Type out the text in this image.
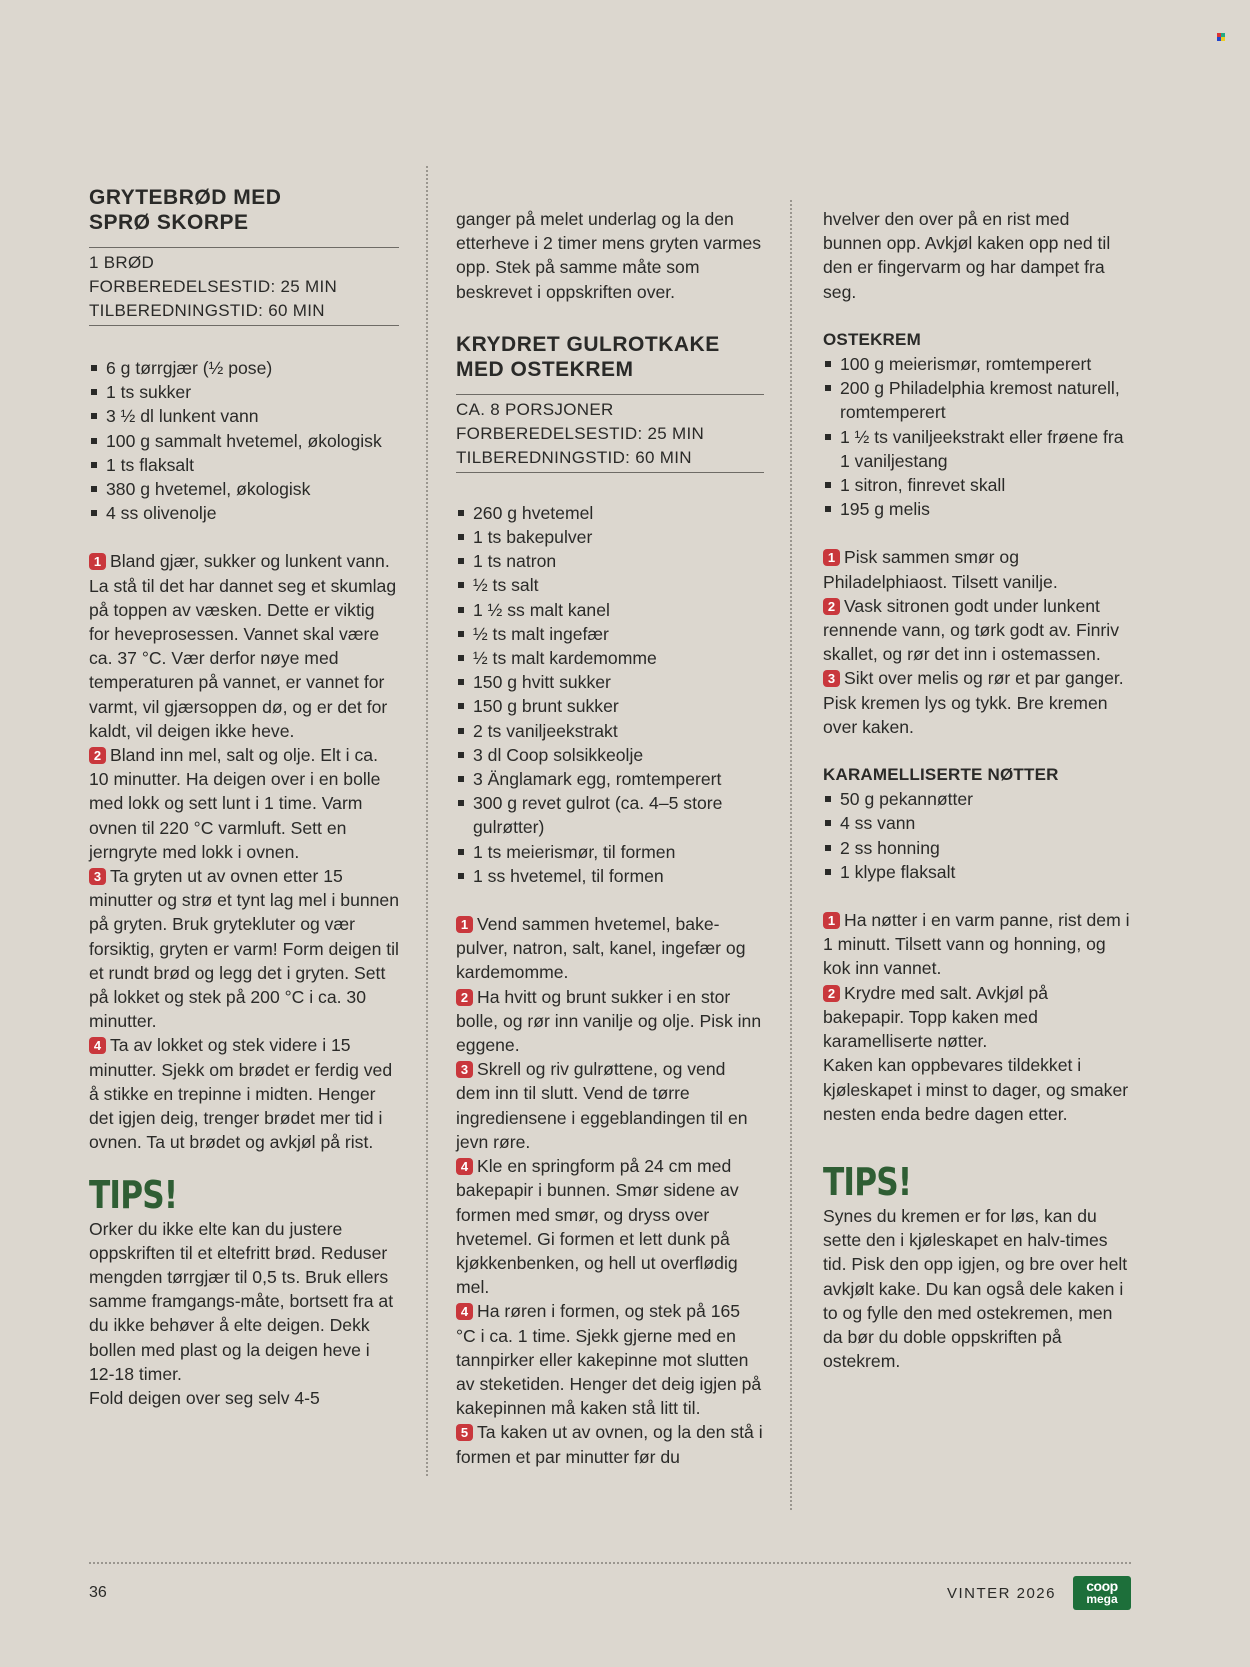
GRYTEBRØD MED
SPRØ SKORPE
1 BRØD
FORBEREDELSESTID: 25 MIN
TILBEREDNINGSTID: 60 MIN
6 g tørrgjær (½ pose)
1 ts sukker
3 ½ dl lunkent vann
100 g sammalt hvetemel, økologisk
1 ts flaksalt
380 g hvetemel, økologisk
4 ss olivenolje

1 Bland gjær, sukker og lunkent vann. La stå til det har dannet seg et skumlag på toppen av væsken. Dette er viktig for heveprosessen. Vannet skal være ca. 37 °C. Vær derfor nøye med temperaturen på vannet, er vannet for varmt, vil gjærsoppen dø, og er det for kaldt, vil deigen ikke heve.

2 Bland inn mel, salt og olje. Elt i ca. 10 minutter. Ha deigen over i en bolle med lokk og sett lunt i 1 time. Varm ovnen til 220 °C varmluft. Sett en jerngryte med lokk i ovnen.

3 Ta gryten ut av ovnen etter 15 minutter og strø et tynt lag mel i bunnen på gryten. Bruk grytekluter og vær forsiktig, gryten er varm! Form deigen til et rundt brød og legg det i gryten. Sett på lokket og stek på 200 °C i ca. 30 minutter.

4 Ta av lokket og stek videre i 15 minutter. Sjekk om brødet er ferdig ved å stikke en trepinne i midten. Henger det igjen deig, trenger brødet mer tid i ovnen. Ta ut brødet og avkjøl på rist.

TIPS!

Orker du ikke elte kan du justere oppskriften til et eltefritt brød. Reduser mengden tørrgjær til 0,5 ts. Bruk ellers samme framgangs-måte, bortsett fra at du ikke behøver å elte deigen. Dekk bollen med plast og la deigen heve i 12-18 timer.

Fold deigen over seg selv 4-5

ganger på melet underlag og la den etterheve i 2 timer mens gryten varmes opp. Stek på samme måte som beskrevet i oppskriften over.

KRYDRET GULROTKAKE
MED OSTEKREM
CA. 8 PORSJONER
FORBEREDELSESTID: 25 MIN
TILBEREDNINGSTID: 60 MIN
260 g hvetemel
1 ts bakepulver
1 ts natron
½ ts salt
1 ½ ss malt kanel
½ ts malt ingefær
½ ts malt kardemomme
150 g hvitt sukker
150 g brunt sukker
2 ts vaniljeekstrakt
3 dl Coop solsikkeolje
3 Änglamark egg, romtemperert
300 g revet gulrot (ca. 4–5 store gulrøtter)
1 ts meierismør, til formen
1 ss hvetemel, til formen

1 Vend sammen hvetemel, bake-pulver, natron, salt, kanel, ingefær og kardemomme.

2 Ha hvitt og brunt sukker i en stor bolle, og rør inn vanilje og olje. Pisk inn eggene.

3 Skrell og riv gulrøttene, og vend dem inn til slutt. Vend de tørre ingrediensene i eggeblandingen til en jevn røre.

4 Kle en springform på 24 cm med bakepapir i bunnen. Smør sidene av formen med smør, og dryss over hvetemel. Gi formen et lett dunk på kjøkkenbenken, og hell ut overflødig mel.

4 Ha røren i formen, og stek på 165 °C i ca. 1 time. Sjekk gjerne med en tannpirker eller kakepinne mot slutten av steketiden. Henger det deig igjen på kakepinnen må kaken stå litt til.

5 Ta kaken ut av ovnen, og la den stå i formen et par minutter før du

hvelver den over på en rist med bunnen opp. Avkjøl kaken opp ned til den er fingervarm og har dampet fra seg.

OSTEKREM
100 g meierismør, romtemperert
200 g Philadelphia kremost naturell, romtemperert
1 ½ ts vaniljeekstrakt eller frøene fra 1 vaniljestang
1 sitron, finrevet skall
195 g melis

1 Pisk sammen smør og Philadelphiaost. Tilsett vanilje.

2 Vask sitronen godt under lunkent rennende vann, og tørk godt av. Finriv skallet, og rør det inn i ostemassen.

3 Sikt over melis og rør et par ganger. Pisk kremen lys og tykk. Bre kremen over kaken.

KARAMELLISERTE NØTTER
50 g pekannøtter
4 ss vann
2 ss honning
1 klype flaksalt

1 Ha nøtter i en varm panne, rist dem i 1 minutt. Tilsett vann og honning, og kok inn vannet.

2 Krydre med salt. Avkjøl på bakepapir. Topp kaken med karamelliserte nøtter.

Kaken kan oppbevares tildekket i kjøleskapet i minst to dager, og smaker nesten enda bedre dagen etter.

TIPS!

Synes du kremen er for løs, kan du sette den i kjøleskapet en halv-times tid. Pisk den opp igjen, og bre over helt avkjølt kake. Du kan også dele kaken i to og fylle den med ostekremen, men da bør du doble oppskriften på ostekrem.

36	VINTER 2026	coop
mega
